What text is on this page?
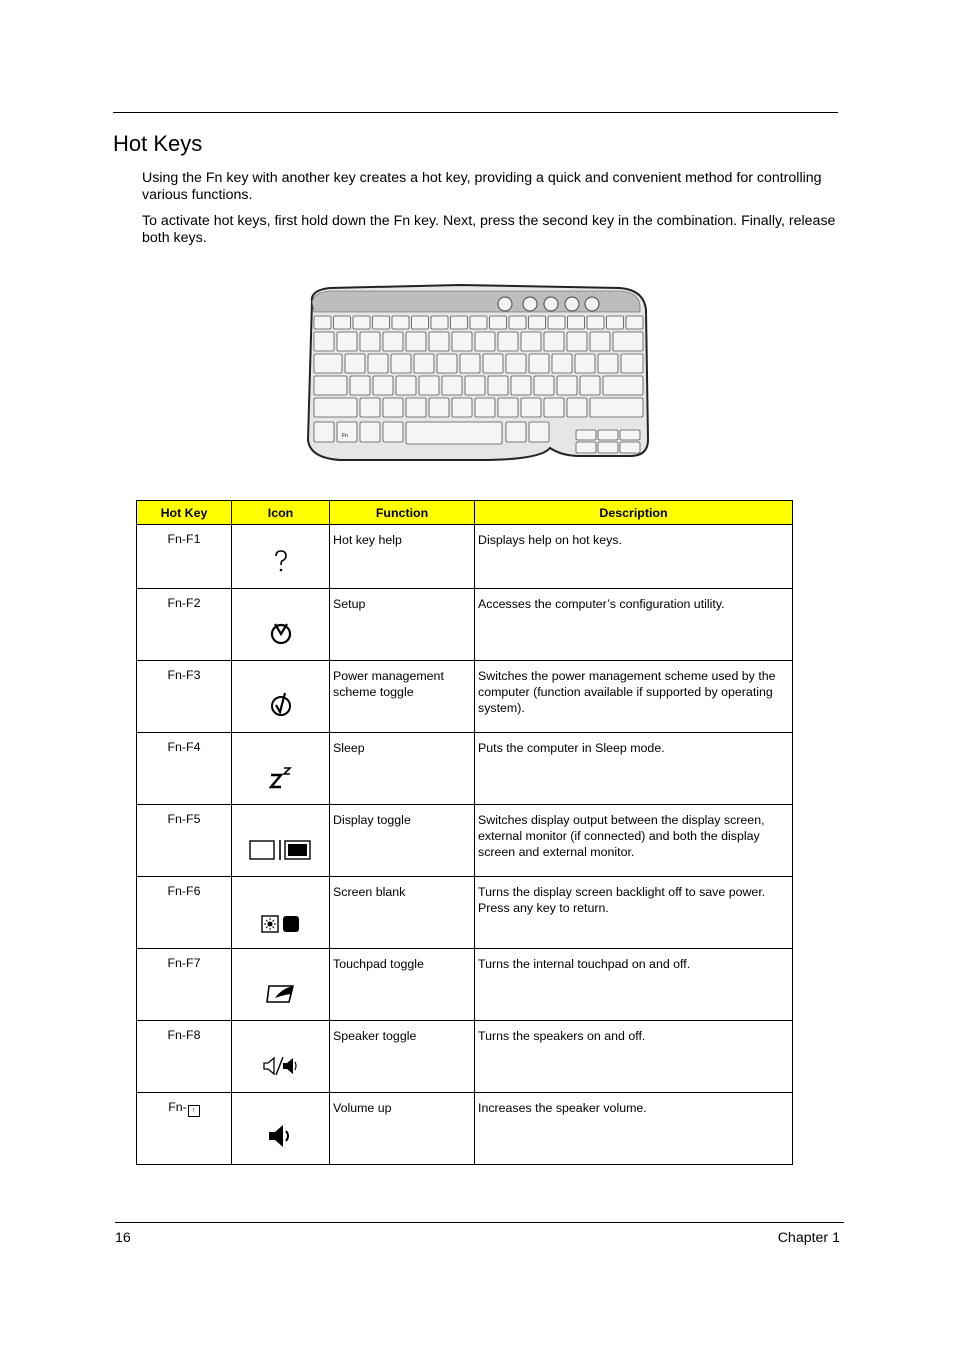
Hot Keys

Using the Fn key with another key creates a hot key, providing a quick and convenient method for controlling various functions.

To activate hot keys, first hold down the Fn key. Next, press the second key in the combination. Finally, release both keys.

Fn
Hot Key	Icon	Function	Description
Fn-F1		Hot key help	Displays help on hot keys.
Fn-F2		Setup	Accesses the computer’s configuration utility.
Fn-F3		Power management scheme toggle	Switches the power management scheme used by the computer (function available if supported by operating system).
Fn-F4		Sleep	Puts the computer in Sleep mode.
Fn-F5		Display toggle	Switches display output between the display screen, external monitor (if connected) and both the display screen and external monitor.
Fn-F6		Screen blank	Turns the display screen backlight off to save power. Press any key to return.
Fn-F7		Touchpad toggle	Turns the internal touchpad on and off.
Fn-F8		Speaker toggle	Turns the speakers on and off.
Fn- ↑		Volume up	Increases the speaker volume.
16	Chapter 1
